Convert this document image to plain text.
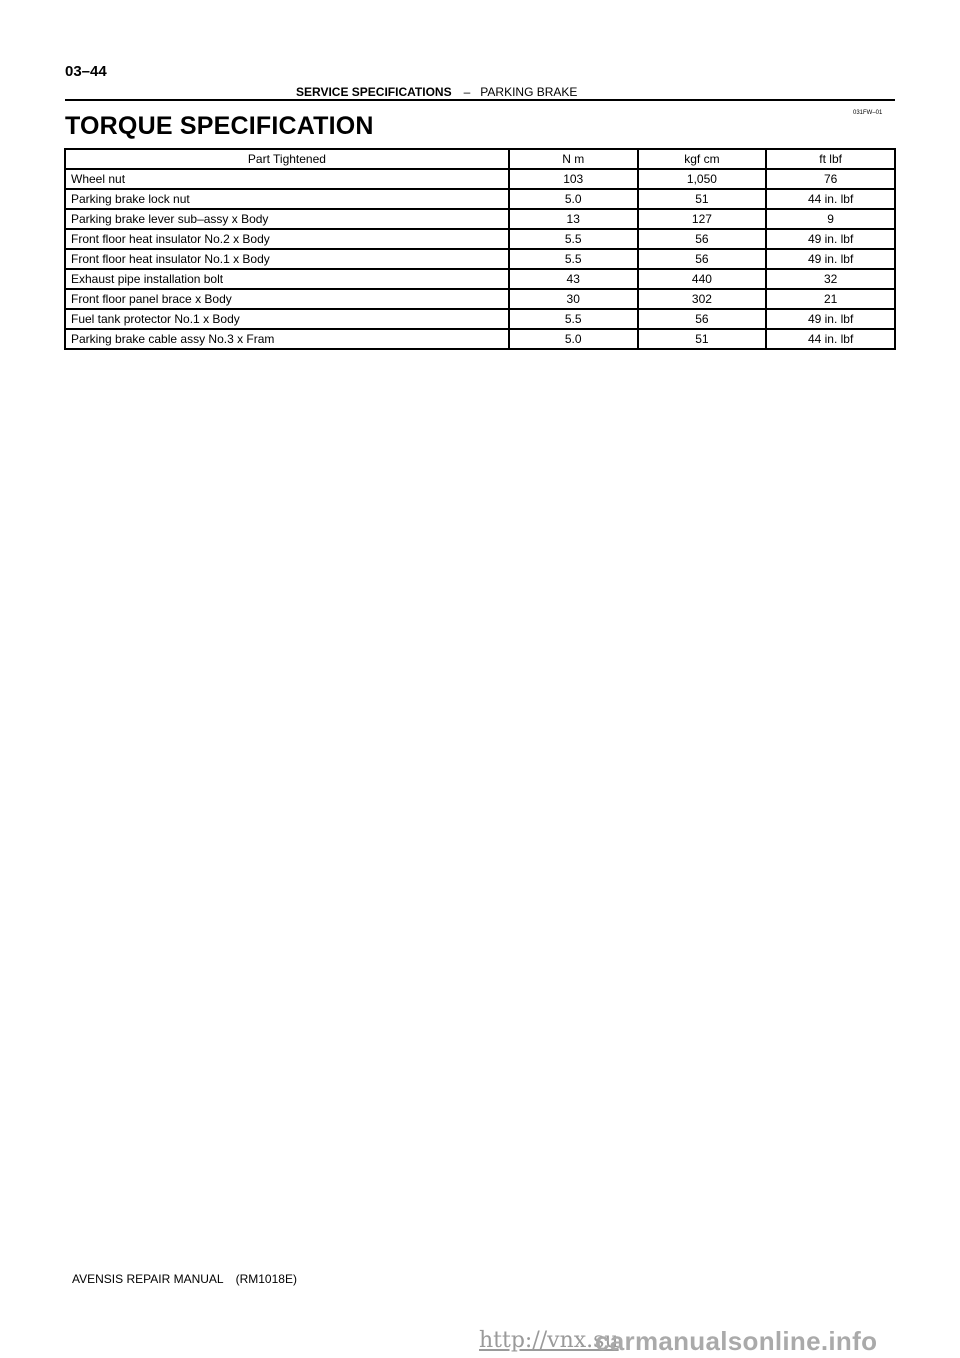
03–44
SERVICE SPECIFICATIONS – PARKING BRAKE
031FW–01
TORQUE SPECIFICATION
Part Tightened	N m	kgf cm	ft lbf
Wheel nut	103	1,050	76
Parking brake lock nut	5.0	51	44 in. lbf
Parking brake lever sub–assy x Body	13	127	9
Front floor heat insulator No.2 x Body	5.5	56	49 in. lbf
Front floor heat insulator No.1 x Body	5.5	56	49 in. lbf
Exhaust pipe installation bolt	43	440	32
Front floor panel brace x Body	30	302	21
Fuel tank protector No.1 x Body	5.5	56	49 in. lbf
Parking brake cable assy No.3 x Fram	5.0	51	44 in. lbf
AVENSIS REPAIR MANUAL (RM1018E)
http://vnx.su
carmanualsonline.info
